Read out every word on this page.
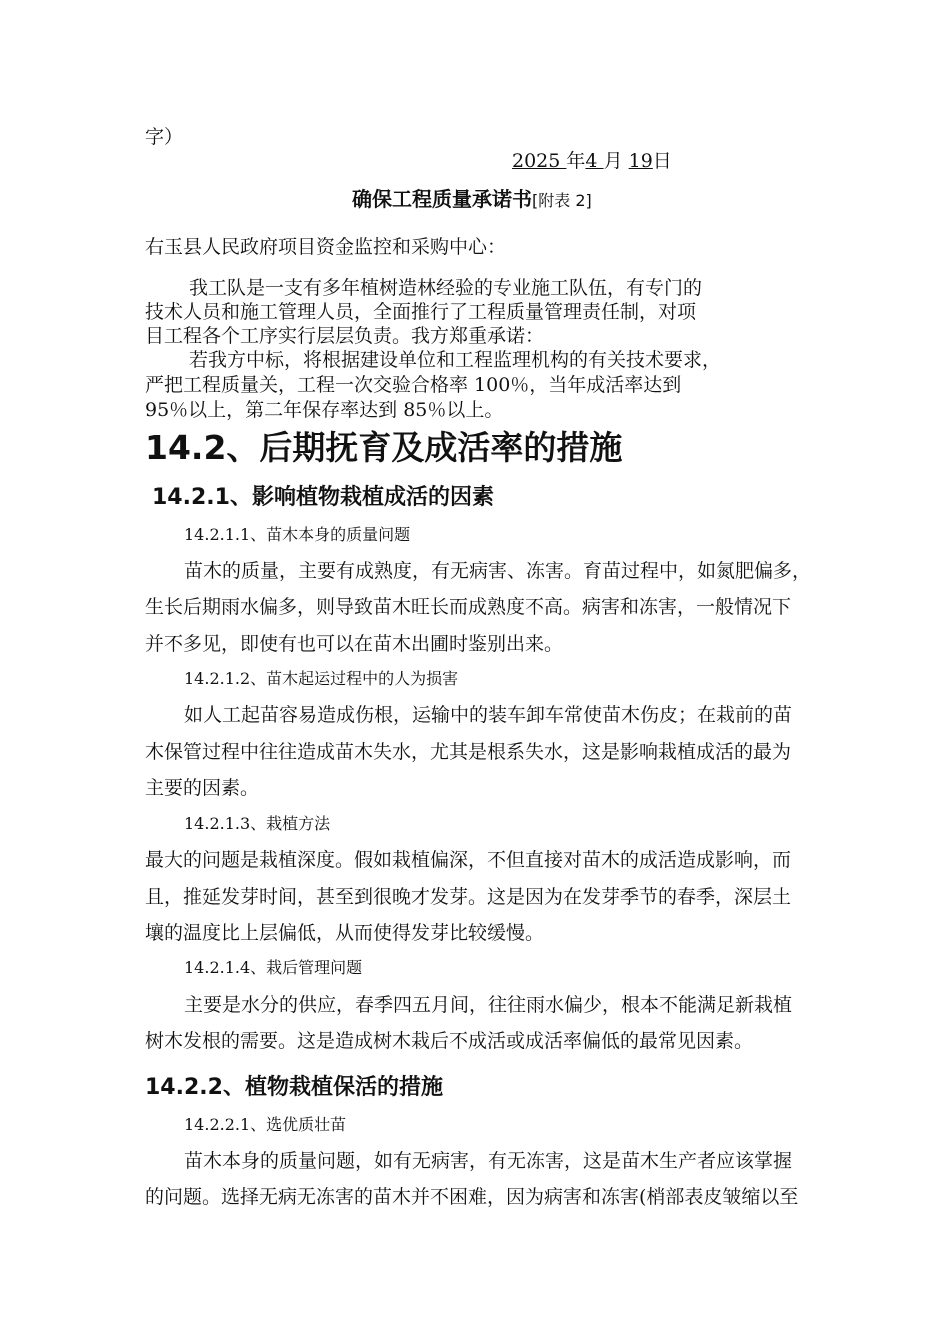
字）
2025 年4 月 19日
确保工程质量承诺书[附表 2]
右玉县人民政府项目资金监控和采购中心：
我工队是一支有多年植树造林经验的专业施工队伍，有专门的
技术人员和施工管理人员，全面推行了工程质量管理责任制，对项
目工程各个工序实行层层负责。我方郑重承诺：
若我方中标，将根据建设单位和工程监理机构的有关技术要求，
严把工程质量关，工程一次交验合格率 100％，当年成活率达到
95％以上，第二年保存率达到 85％以上。
14.2、后期抚育及成活率的措施
14.2.1、影响植物栽植成活的因素
14.2.1.1、苗木本身的质量问题
苗木的质量，主要有成熟度，有无病害、冻害。育苗过程中，如氮肥偏多，
生长后期雨水偏多，则导致苗木旺长而成熟度不高。病害和冻害，一般情况下
并不多见，即使有也可以在苗木出圃时鉴别出来。
14.2.1.2、苗木起运过程中的人为损害
如人工起苗容易造成伤根，运输中的装车卸车常使苗木伤皮；在栽前的苗
木保管过程中往往造成苗木失水，尤其是根系失水，这是影响栽植成活的最为
主要的因素。
14.2.1.3、栽植方法
最大的问题是栽植深度。假如栽植偏深，不但直接对苗木的成活造成影响，而
且，推延发芽时间，甚至到很晚才发芽。这是因为在发芽季节的春季，深层土
壤的温度比上层偏低，从而使得发芽比较缓慢。
14.2.1.4、栽后管理问题
主要是水分的供应，春季四五月间，往往雨水偏少，根本不能满足新栽植
树木发根的需要。这是造成树木栽后不成活或成活率偏低的最常见因素。
14.2.2、植物栽植保活的措施
14.2.2.1、选优质壮苗
苗木本身的质量问题，如有无病害，有无冻害，这是苗木生产者应该掌握
的问题。选择无病无冻害的苗木并不困难，因为病害和冻害(梢部表皮皱缩以至
